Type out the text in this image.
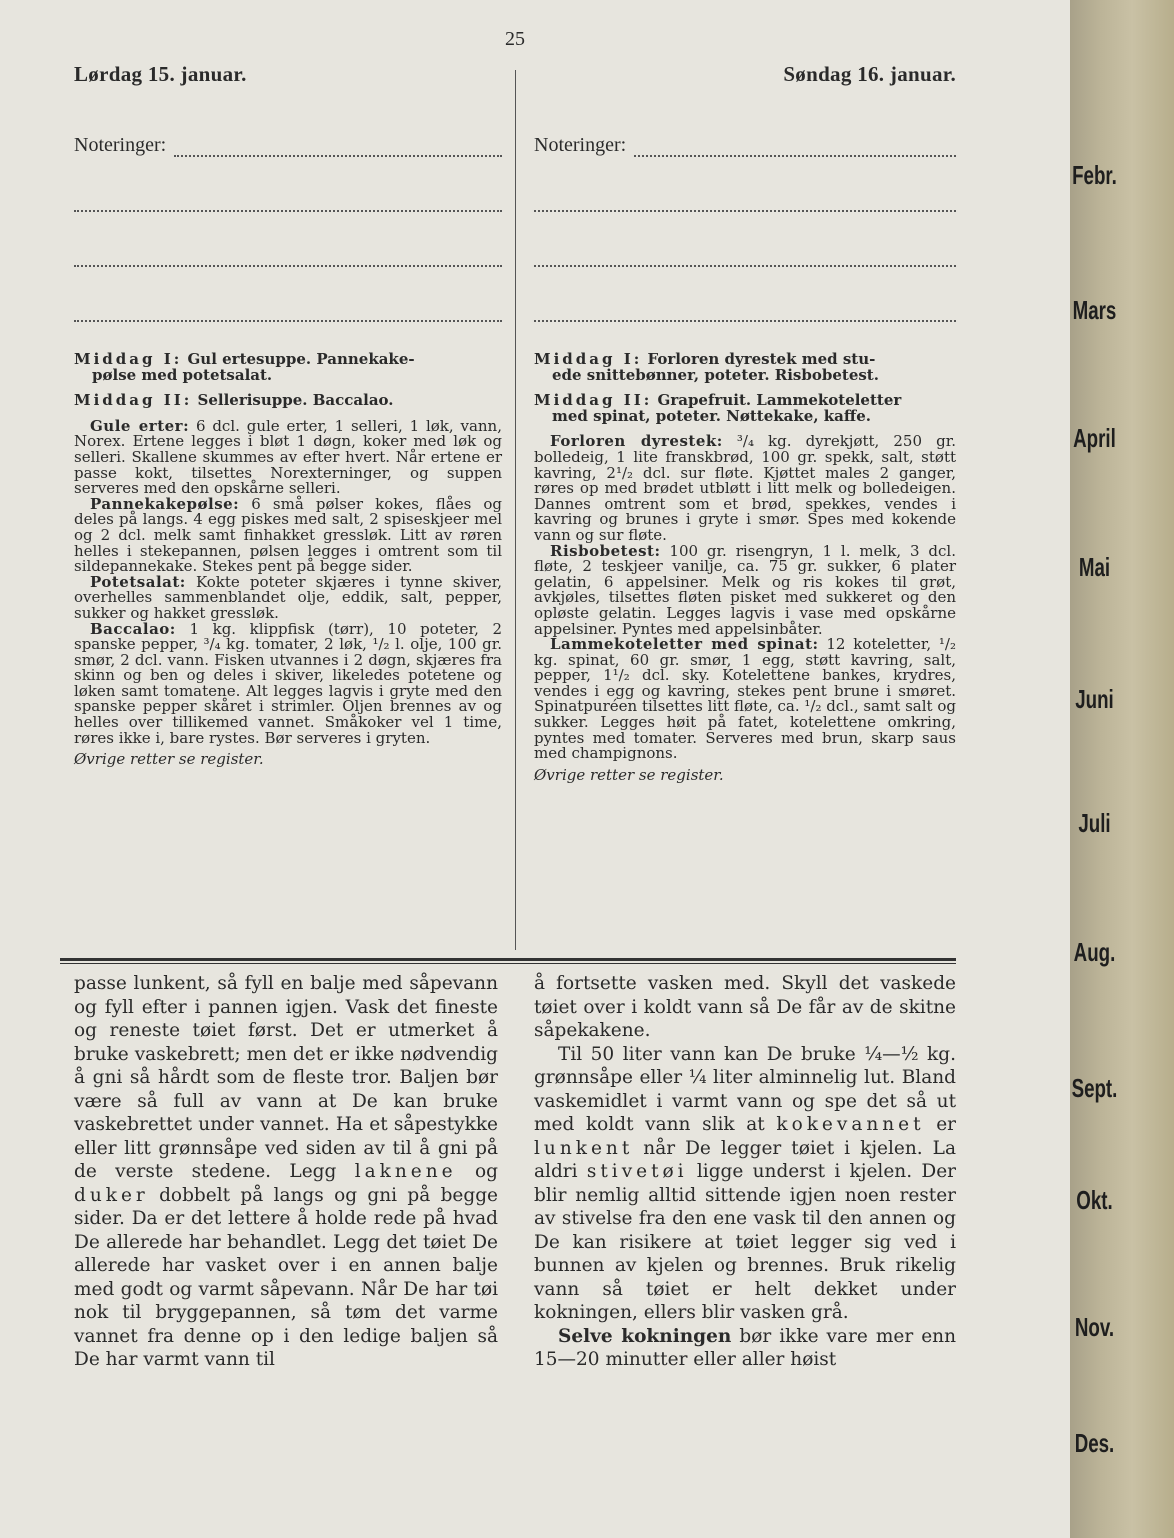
25
Lørdag 15. januar.
Noteringer:
Søndag 16. januar.
Noteringer:

Middag I: Gul ertesuppe. Pannekake-
pølse med potetsalat.

Middag II: Sellerisuppe. Baccalao.

Gule erter: 6 dcl. gule erter, 1 selleri, 1 løk, vann, Norex. Ertene legges i bløt 1 døgn, koker med løk og selleri. Skallene skummes av efter hvert. Når ertene er passe kokt, tilsettes Norexterninger, og suppen serveres med den opskårne selleri.

Pannekakepølse: 6 små pølser kokes, flåes og deles på langs. 4 egg piskes med salt, 2 spiseskjeer mel og 2 dcl. melk samt finhakket gressløk. Litt av røren helles i stekepannen, pølsen legges i omtrent som til sildepannekake. Stekes pent på begge sider.

Potetsalat: Kokte poteter skjæres i tynne skiver, overhelles sammenblandet olje, eddik, salt, pepper, sukker og hakket gressløk.

Baccalao: 1 kg. klippfisk (tørr), 10 poteter, 2 spanske pepper, ³/₄ kg. tomater, 2 løk, ¹/₂ l. olje, 100 gr. smør, 2 dcl. vann. Fisken utvannes i 2 døgn, skjæres fra skinn og ben og deles i skiver, likeledes potetene og løken samt tomatene. Alt legges lagvis i gryte med den spanske pepper skåret i strimler. Oljen brennes av og helles over tillikemed vannet. Småkoker vel 1 time, røres ikke i, bare rystes. Bør serveres i gryten.

Øvrige retter se register.

Middag I: Forloren dyrestek med stu-
ede snittebønner, poteter. Risbobetest.

Middag II: Grapefruit. Lammekoteletter
med spinat, poteter. Nøttekake, kaffe.

Forloren dyrestek: ³/₄ kg. dyrekjøtt, 250 gr. bolledeig, 1 lite franskbrød, 100 gr. spekk, salt, støtt kavring, 2¹/₂ dcl. sur fløte. Kjøttet males 2 ganger, røres op med brødet utbløtt i litt melk og bolledeigen. Dannes omtrent som et brød, spekkes, vendes i kavring og brunes i gryte i smør. Spes med kokende vann og sur fløte.

Risbobetest: 100 gr. risengryn, 1 l. melk, 3 dcl. fløte, 2 teskjeer vanilje, ca. 75 gr. sukker, 6 plater gelatin, 6 appelsiner. Melk og ris kokes til grøt, avkjøles, tilsettes fløten pisket med sukkeret og den opløste gelatin. Legges lagvis i vase med opskårne appelsiner. Pyntes med appelsinbåter.

Lammekoteletter med spinat: 12 koteletter, ¹/₂ kg. spinat, 60 gr. smør, 1 egg, støtt kavring, salt, pepper, 1¹/₂ dcl. sky. Kotelettene bankes, krydres, vendes i egg og kavring, stekes pent brune i smøret. Spinatpuréen tilsettes litt fløte, ca. ¹/₂ dcl., samt salt og sukker. Legges høit på fatet, kotelettene omkring, pyntes med tomater. Serveres med brun, skarp saus med champignons.

Øvrige retter se register.

passe lunkent, så fyll en balje med såpevann og fyll efter i pannen igjen. Vask det fineste og reneste tøiet først. Det er utmerket å bruke vaskebrett; men det er ikke nødvendig å gni så hårdt som de fleste tror. Baljen bør være så full av vann at De kan bruke vaskebrettet under vannet. Ha et såpestykke eller litt grønnsåpe ved siden av til å gni på de verste stedene. Legg laknene og duker dobbelt på langs og gni på begge sider. Da er det lettere å holde rede på hvad De allerede har behandlet. Legg det tøiet De allerede har vasket over i en annen balje med godt og varmt såpevann. Når De har tøi nok til bryggepannen, så tøm det varme vannet fra denne op i den ledige baljen så De har varmt vann til

å fortsette vasken med. Skyll det vaskede tøiet over i koldt vann så De får av de skitne såpekakene.

Til 50 liter vann kan De bruke ¼—½ kg. grønnsåpe eller ¼ liter alminnelig lut. Bland vaskemidlet i varmt vann og spe det så ut med koldt vann slik at kokevannet er lunkent når De legger tøiet i kjelen. La aldri stivetøi ligge underst i kjelen. Der blir nemlig alltid sittende igjen noen rester av stivelse fra den ene vask til den annen og De kan risikere at tøiet legger sig ved i bunnen av kjelen og brennes. Bruk rikelig vann så tøiet er helt dekket under kokningen, ellers blir vasken grå.

Selve kokningen bør ikke vare mer enn 15—20 minutter eller aller høist

Febr.
Mars
April
Mai
Juni
Juli
Aug.
Sept.
Okt.
Nov.
Des.
